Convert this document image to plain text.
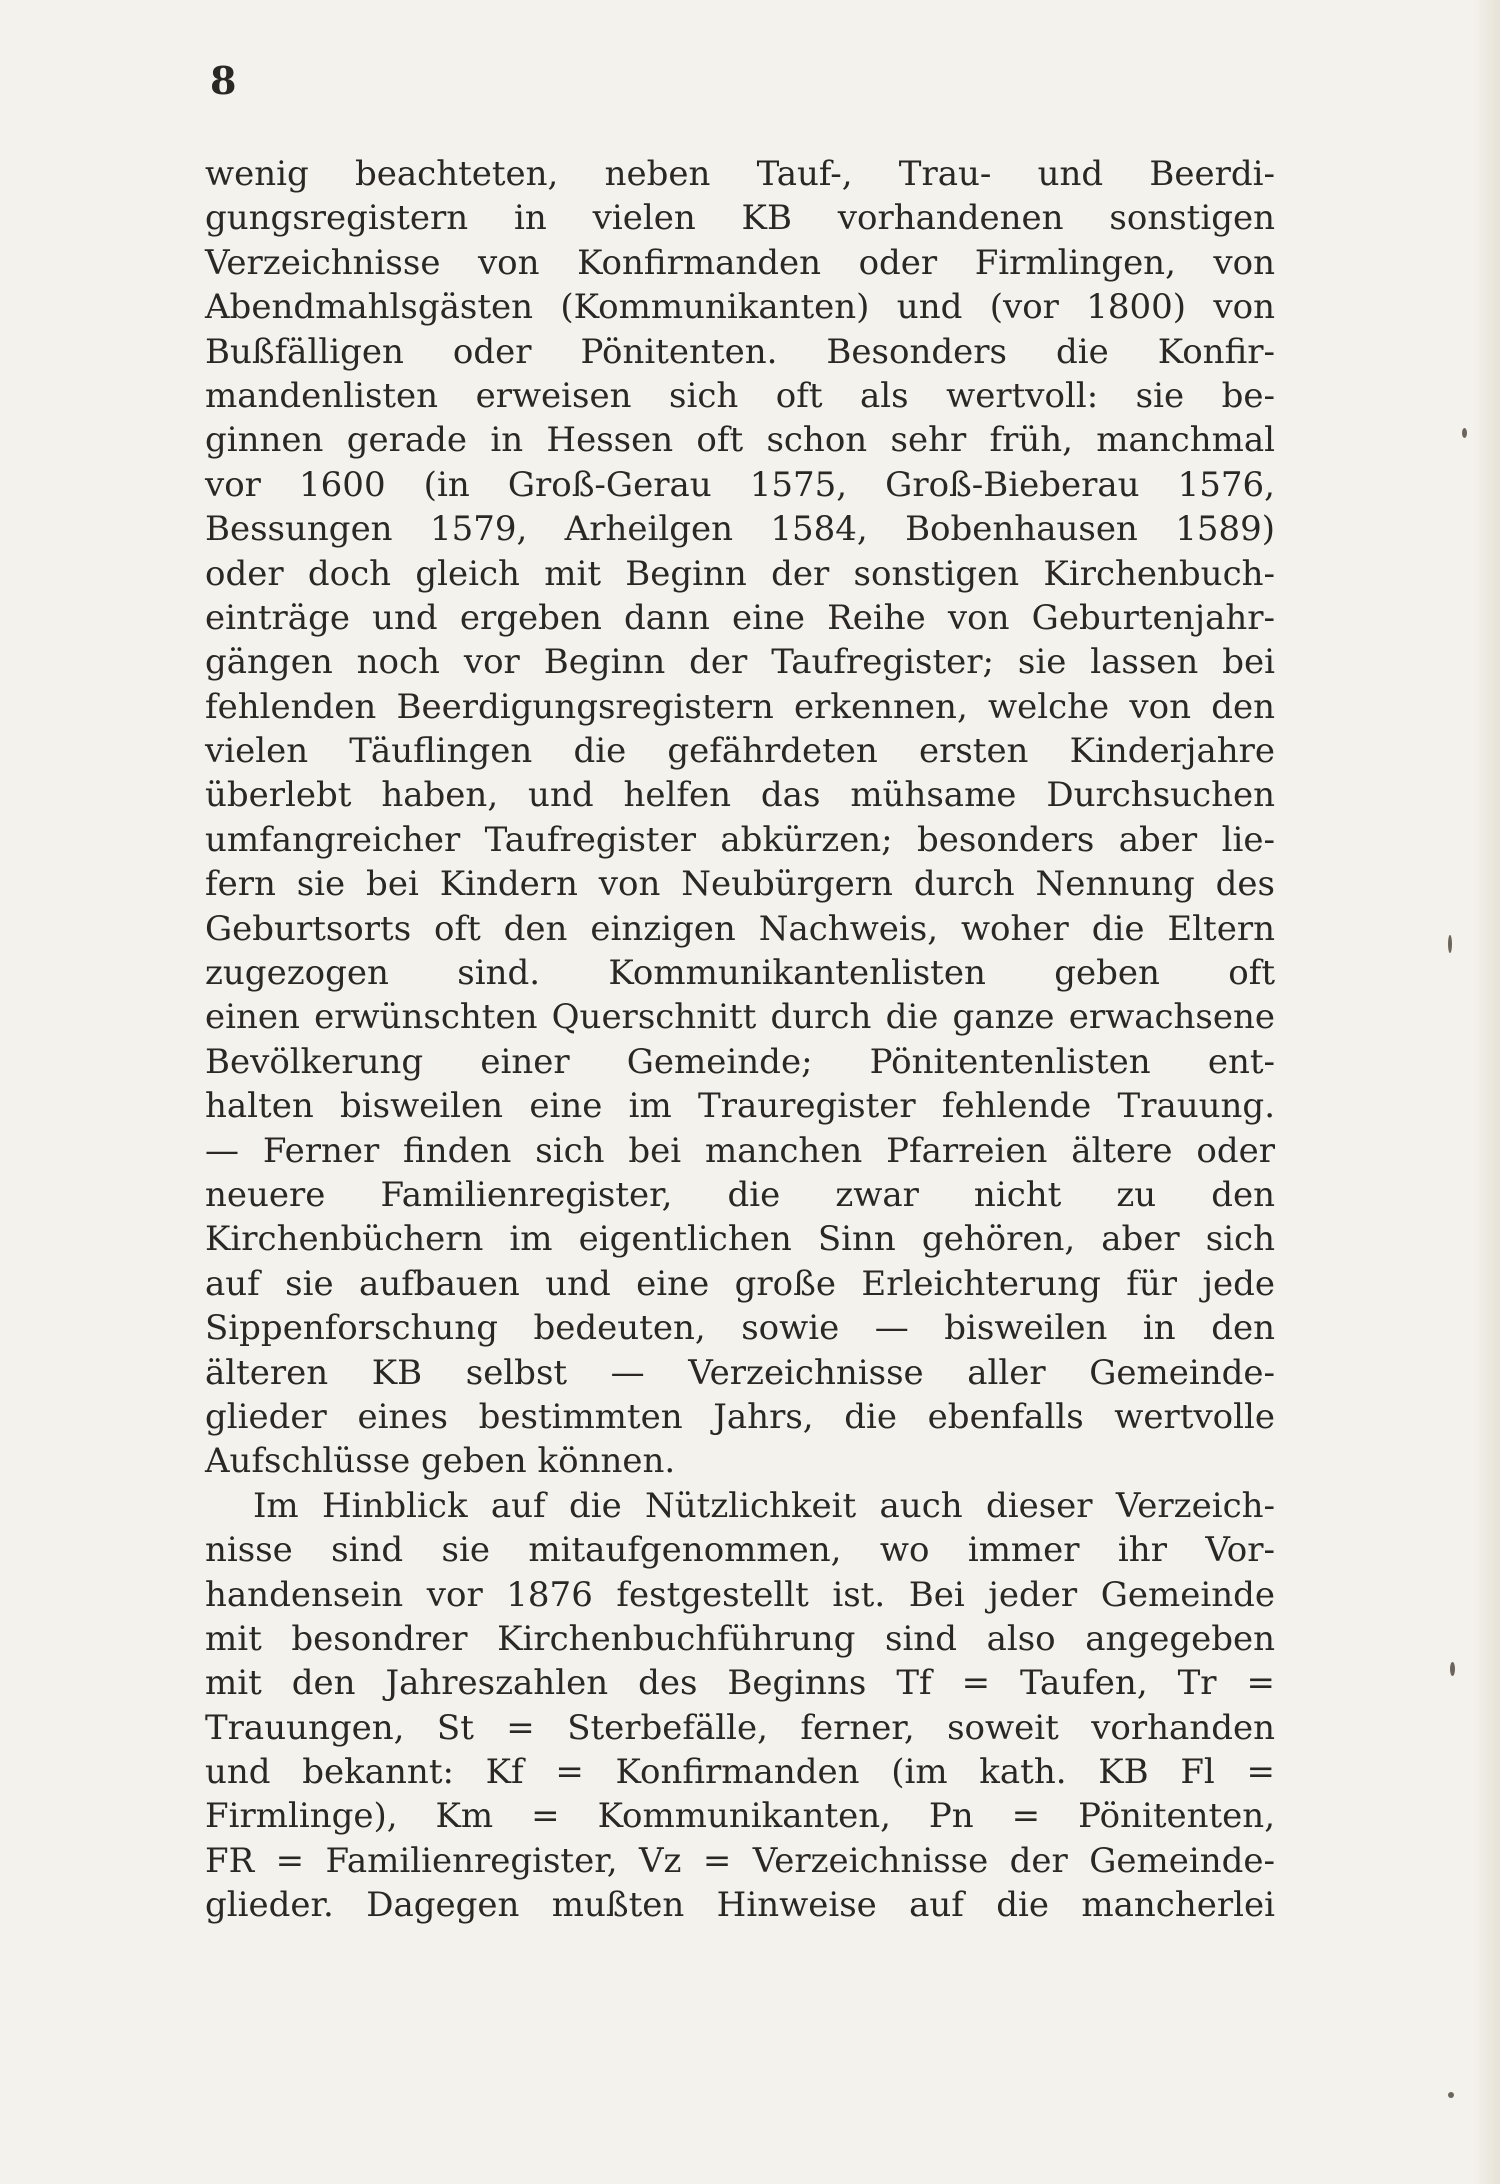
8
wenig beachteten, neben Tauf-, Trau- und Beerdi-
gungsregistern in vielen KB vorhandenen sonstigen
Verzeichnisse von Konfirmanden oder Firmlingen, von
Abendmahlsgästen (Kommunikanten) und (vor 1800) von
Bußfälligen oder Pönitenten. Besonders die Konfir-
mandenlisten erweisen sich oft als wertvoll: sie be-
ginnen gerade in Hessen oft schon sehr früh, manchmal
vor 1600 (in Groß-Gerau 1575, Groß-Bieberau 1576,
Bessungen 1579, Arheilgen 1584, Bobenhausen 1589)
oder doch gleich mit Beginn der sonstigen Kirchenbuch-
einträge und ergeben dann eine Reihe von Geburtenjahr-
gängen noch vor Beginn der Taufregister; sie lassen bei
fehlenden Beerdigungsregistern erkennen, welche von den
vielen Täuflingen die gefährdeten ersten Kinderjahre
überlebt haben, und helfen das mühsame Durchsuchen
umfangreicher Taufregister abkürzen; besonders aber lie-
fern sie bei Kindern von Neubürgern durch Nennung des
Geburtsorts oft den einzigen Nachweis, woher die Eltern
zugezogen sind. Kommunikantenlisten geben oft
einen erwünschten Querschnitt durch die ganze erwachsene
Bevölkerung einer Gemeinde; Pönitentenlisten ent-
halten bisweilen eine im Trauregister fehlende Trauung.
— Ferner finden sich bei manchen Pfarreien ältere oder
neuere Familienregister, die zwar nicht zu den
Kirchenbüchern im eigentlichen Sinn gehören, aber sich
auf sie aufbauen und eine große Erleichterung für jede
Sippenforschung bedeuten, sowie — bisweilen in den
älteren KB selbst — Verzeichnisse aller Gemeinde-
glieder eines bestimmten Jahrs, die ebenfalls wertvolle
Aufschlüsse geben können.
Im Hinblick auf die Nützlichkeit auch dieser Verzeich-
nisse sind sie mitaufgenommen, wo immer ihr Vor-
handensein vor 1876 festgestellt ist. Bei jeder Gemeinde
mit besondrer Kirchenbuchführung sind also angegeben
mit den Jahreszahlen des Beginns Tf = Taufen, Tr =
Trauungen, St = Sterbefälle, ferner, soweit vorhanden
und bekannt: Kf = Konfirmanden (im kath. KB Fl =
Firmlinge), Km = Kommunikanten, Pn = Pönitenten,
FR = Familienregister, Vz = Verzeichnisse der Gemeinde-
glieder. Dagegen mußten Hinweise auf die mancherlei
